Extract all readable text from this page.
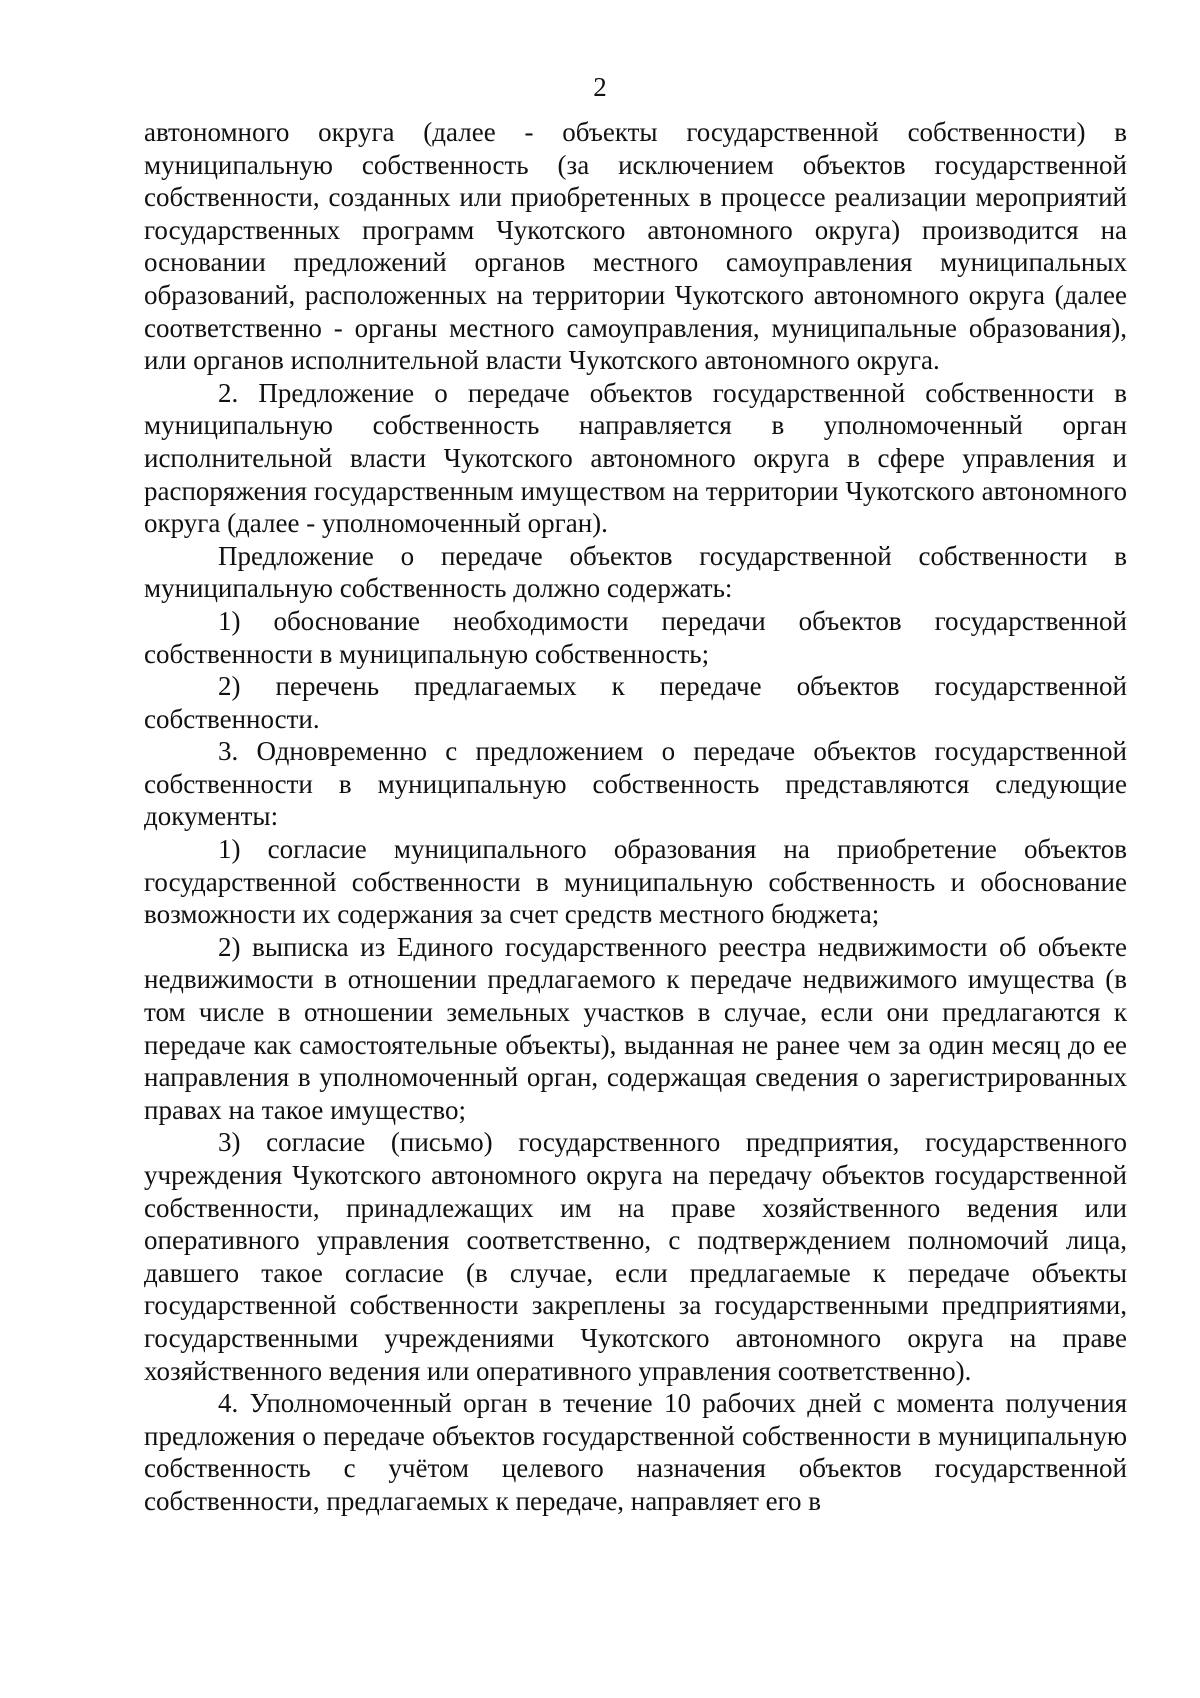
2

автономного округа (далее - объекты государственной собственности) в муниципальную собственность (за исключением объектов государственной собственности, созданных или приобретенных в процессе реализации мероприятий государственных программ Чукотского автономного округа) производится на основании предложений органов местного самоуправления муниципальных образований, расположенных на территории Чукотского автономного округа (далее соответственно - органы местного самоуправления, муниципальные образования), или органов исполнительной власти Чукотского автономного округа.

2. Предложение о передаче объектов государственной собственности в муниципальную собственность направляется в уполномоченный орган исполнительной власти Чукотского автономного округа в сфере управления и распоряжения государственным имуществом на территории Чукотского автономного округа (далее - уполномоченный орган).

Предложение о передаче объектов государственной собственности в муниципальную собственность должно содержать:

1) обоснование необходимости передачи объектов государственной собственности в муниципальную собственность;

2) перечень предлагаемых к передаче объектов государственной собственности.

3. Одновременно с предложением о передаче объектов государственной собственности в муниципальную собственность представляются следующие документы:

1) согласие муниципального образования на приобретение объектов государственной собственности в муниципальную собственность и обоснование возможности их содержания за счет средств местного бюджета;

2) выписка из Единого государственного реестра недвижимости об объекте недвижимости в отношении предлагаемого к передаче недвижимого имущества (в том числе в отношении земельных участков в случае, если они предлагаются к передаче как самостоятельные объекты), выданная не ранее чем за один месяц до ее направления в уполномоченный орган, содержащая сведения о зарегистрированных правах на такое имущество;

3) согласие (письмо) государственного предприятия, государственного учреждения Чукотского автономного округа на передачу объектов государственной собственности, принадлежащих им на праве хозяйственного ведения или оперативного управления соответственно, с подтверждением полномочий лица, давшего такое согласие (в случае, если предлагаемые к передаче объекты государственной собственности закреплены за государственными предприятиями, государственными учреждениями Чукотского автономного округа на праве хозяйственного ведения или оперативного управления соответственно).

4. Уполномоченный орган в течение 10 рабочих дней с момента получения предложения о передаче объектов государственной собственности в муниципальную собственность с учётом целевого назначения объектов государственной собственности, предлагаемых к передаче, направляет его в
